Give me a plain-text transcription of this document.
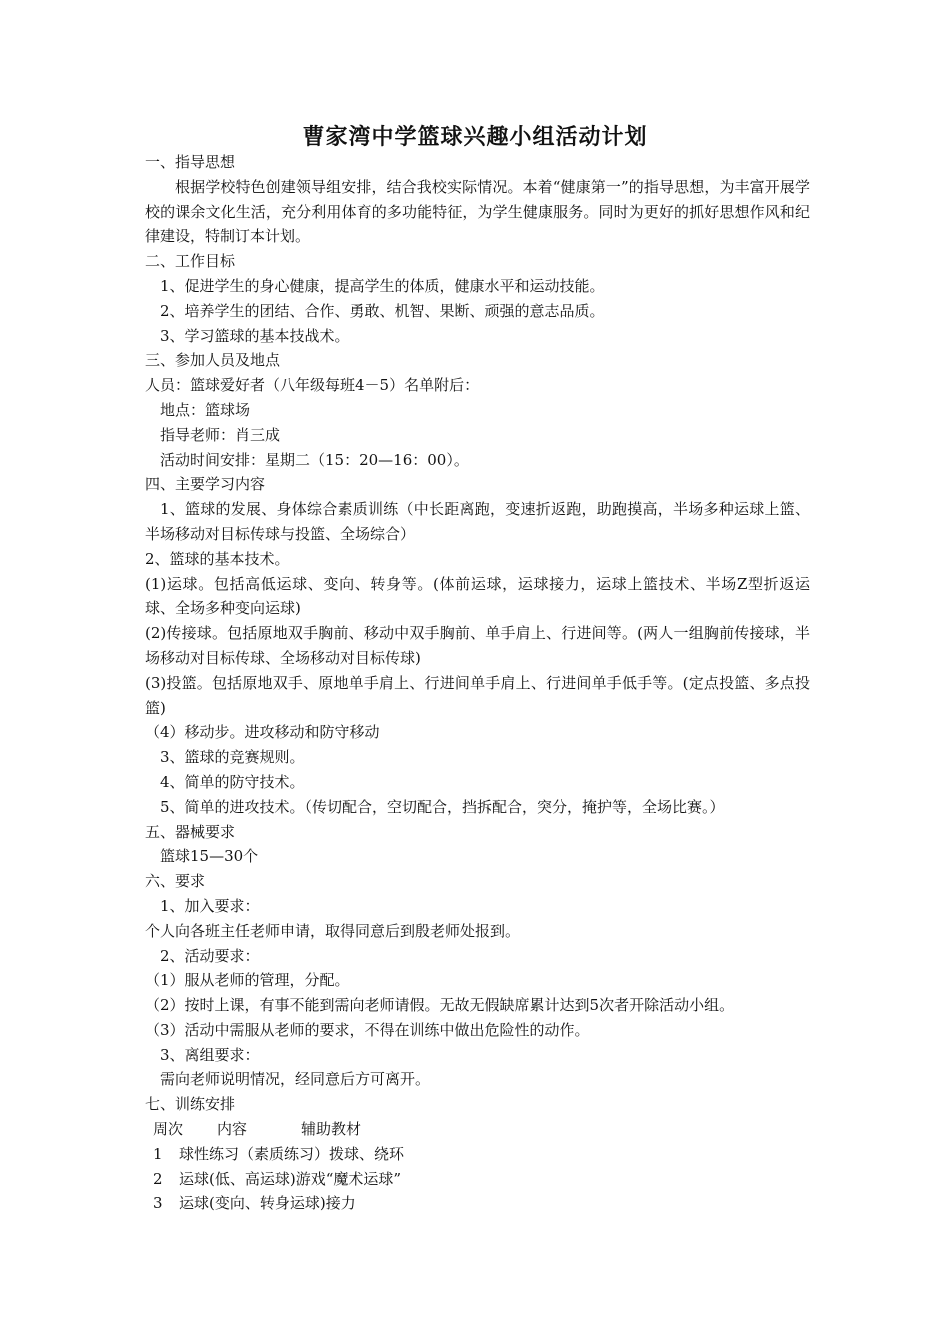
曹家湾中学篮球兴趣小组活动计划

一、指导思想

根据学校特色创建领导组安排，结合我校实际情况。本着“健康第一”的指导思想，为丰富开展学校的课余文化生活，充分利用体育的多功能特征，为学生健康服务。同时为更好的抓好思想作风和纪律建设，特制订本计划。

二、工作目标

1、促进学生的身心健康，提高学生的体质，健康水平和运动技能。

2、培养学生的团结、合作、勇敢、机智、果断、顽强的意志品质。

3、学习篮球的基本技战术。

三、参加人员及地点

人员：篮球爱好者（八年级每班4－5）名单附后：

地点：篮球场

指导老师：肖三成

活动时间安排：星期二（15：20—16：00）。

四、主要学习内容

1、篮球的发展、身体综合素质训练（中长距离跑，变速折返跑，助跑摸高，半场多种运球上篮、半场移动对目标传球与投篮、全场综合）

2、篮球的基本技术。

(1)运球。包括高低运球、变向、转身等。(体前运球，运球接力，运球上篮技术、半场Z型折返运球、全场多种变向运球)

(2)传接球。包括原地双手胸前、移动中双手胸前、单手肩上、行进间等。(两人一组胸前传接球，半场移动对目标传球、全场移动对目标传球)

(3)投篮。包括原地双手、原地单手肩上、行进间单手肩上、行进间单手低手等。(定点投篮、多点投篮)

（4）移动步。进攻移动和防守移动

3、篮球的竞赛规则。

4、简单的防守技术。

5、简单的进攻技术。（传切配合，空切配合，挡拆配合，突分，掩护等，全场比赛。）

五、器械要求

篮球15—30个

六、要求

1、加入要求：

个人向各班主任老师申请，取得同意后到殷老师处报到。

2、活动要求：

（1）服从老师的管理，分配。

（2）按时上课，有事不能到需向老师请假。无故无假缺席累计达到5次者开除活动小组。

（3）活动中需服从老师的要求，不得在训练中做出危险性的动作。

3、离组要求：

需向老师说明情况，经同意后方可离开。

七、训练安排

周次 内容	辅助教材

1 球性练习（素质练习）拨球、绕环

2 运球(低、高运球)游戏“魔术运球”

3 运球(变向、转身运球)接力
